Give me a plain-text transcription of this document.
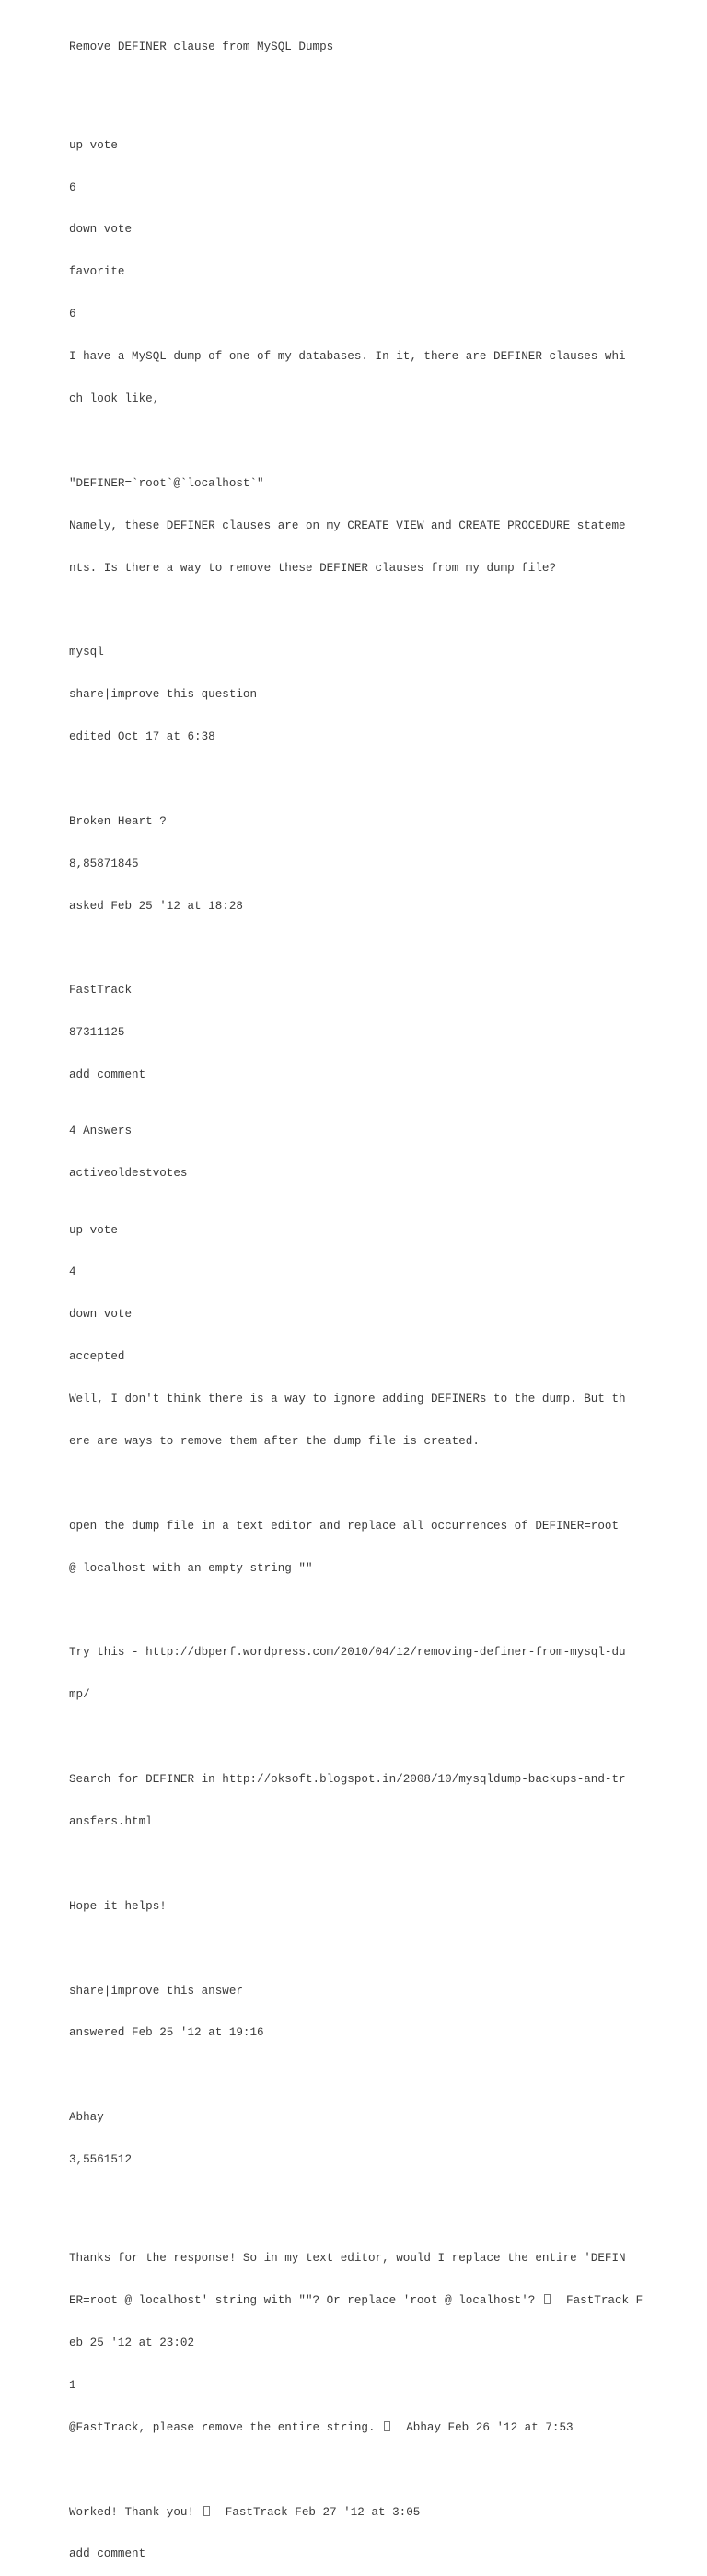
Remove DEFINER clause from MySQL Dumps

up vote

6

down vote

favorite

6

I have a MySQL dump of one of my databases. In it, there are DEFINER clauses whi

ch look like,

"DEFINER=`root`@`localhost`"

Namely, these DEFINER clauses are on my CREATE VIEW and CREATE PROCEDURE stateme

nts. Is there a way to remove these DEFINER clauses from my dump file?

mysql

share|improve this question

edited Oct 17 at 6:38

Broken Heart ?

8,85871845

asked Feb 25 '12 at 18:28

FastTrack

87311125

add comment

4 Answers

activeoldestvotes

up vote

4

down vote

accepted

Well, I don't think there is a way to ignore adding DEFINERs to the dump. But th

ere are ways to remove them after the dump file is created.

open the dump file in a text editor and replace all occurrences of DEFINER=root

@ localhost with an empty string ""

Try this - http://dbperf.wordpress.com/2010/04/12/removing-definer-from-mysql-du

mp/

Search for DEFINER in http://oksoft.blogspot.in/2008/10/mysqldump-backups-and-tr

ansfers.html

Hope it helps!

share|improve this answer

answered Feb 25 '12 at 19:16

Abhay

3,5561512

Thanks for the response! So in my text editor, would I replace the entire 'DEFIN

ER=root @ localhost' string with ""? Or replace 'root @ localhost'?   FastTrack F

eb 25 '12 at 23:02

1

@FastTrack, please remove the entire string.   Abhay Feb 26 '12 at 7:53

Worked! Thank you!   FastTrack Feb 27 '12 at 3:05

add comment
